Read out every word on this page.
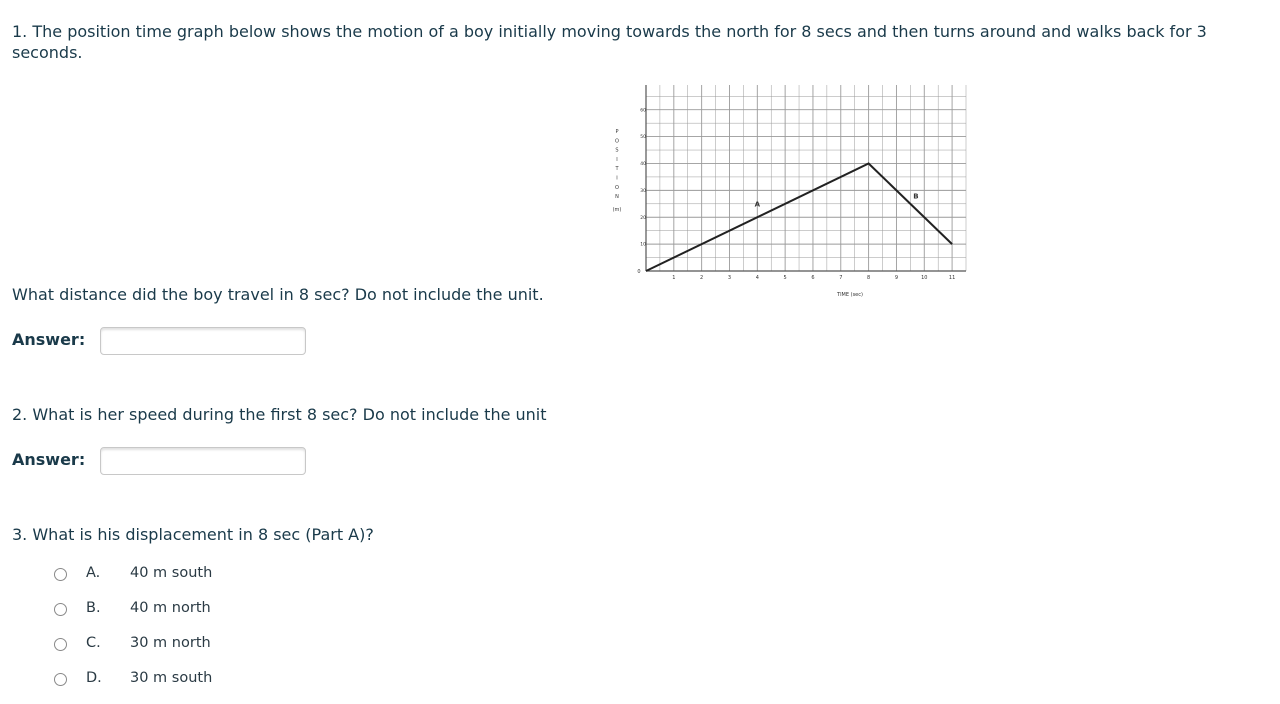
1. The position time graph below shows the motion of a boy initially moving towards the north for 8 secs and then turns around and walks back for 3 seconds.
1	2	3	4	5	6	7	8	9	10	11
0
10
20
30
40
50
60
P
O
S
I
T
I
O
N
(m)
TIME (sec)
A
B
What distance did the boy travel in 8 sec? Do not include the unit.
Answer:
2. What is her speed during the first 8 sec? Do not include the unit
Answer:
3. What is his displacement in 8 sec (Part A)?
A. 40 m south
B. 40 m north
C. 30 m north
D. 30 m south
